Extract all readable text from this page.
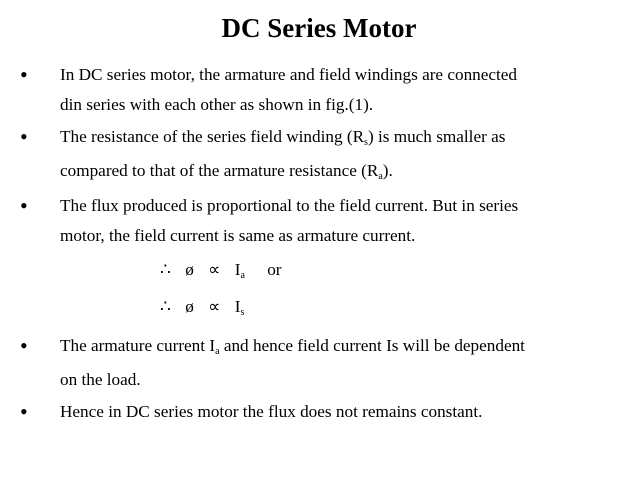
DC Series Motor
• In DC series motor, the armature and field windings are connected
din series with each other as shown in fig.(1).
• The resistance of the series field winding $(R_s)$ is much smaller as
compared to that of the armature resistance $(R_a)$.
• The flux produced is proportional to the field current. But in series
motor, the field current is same as armature current.
∴ ø ∝ $I_a$ or
∴ ø ∝ $I_s$
• The armature current $I_a$ and hence field current Is will be dependent
on the load.
• Hence in DC series motor the flux does not remains constant.
